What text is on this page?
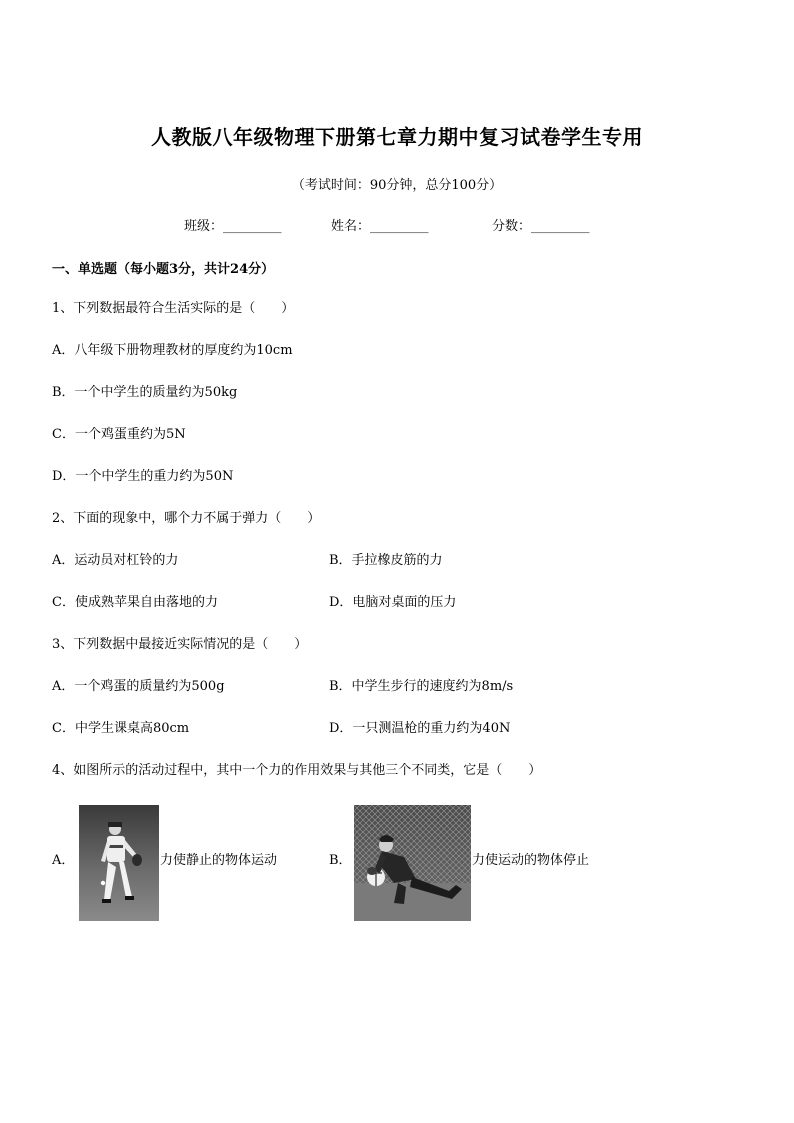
人教版八年级物理下册第七章力期中复习试卷学生专用
（考试时间：90分钟，总分100分）
班级：_________	姓名：_________	分数：_________
一、单选题（每小题3分，共计24分）
1、下列数据最符合生活实际的是（　　）
A．八年级下册物理教材的厚度约为10cm
B．一个中学生的质量约为50kg
C．一个鸡蛋重约为5N
D．一个中学生的重力约为50N
2、下面的现象中，哪个力不属于弹力（　　）
A．运动员对杠铃的力	B．手拉橡皮筋的力
C．使成熟苹果自由落地的力	D．电脑对桌面的压力
3、下列数据中最接近实际情况的是（　　）
A．一个鸡蛋的质量约为500g	B．中学生步行的速度约为8m/s
C．中学生课桌高80cm	D．一只测温枪的重力约为40N
4、如图所示的活动过程中，其中一个力的作用效果与其他三个不同类，它是（　　）
A．	力使静止的物体运动	B．	力使运动的物体停止
